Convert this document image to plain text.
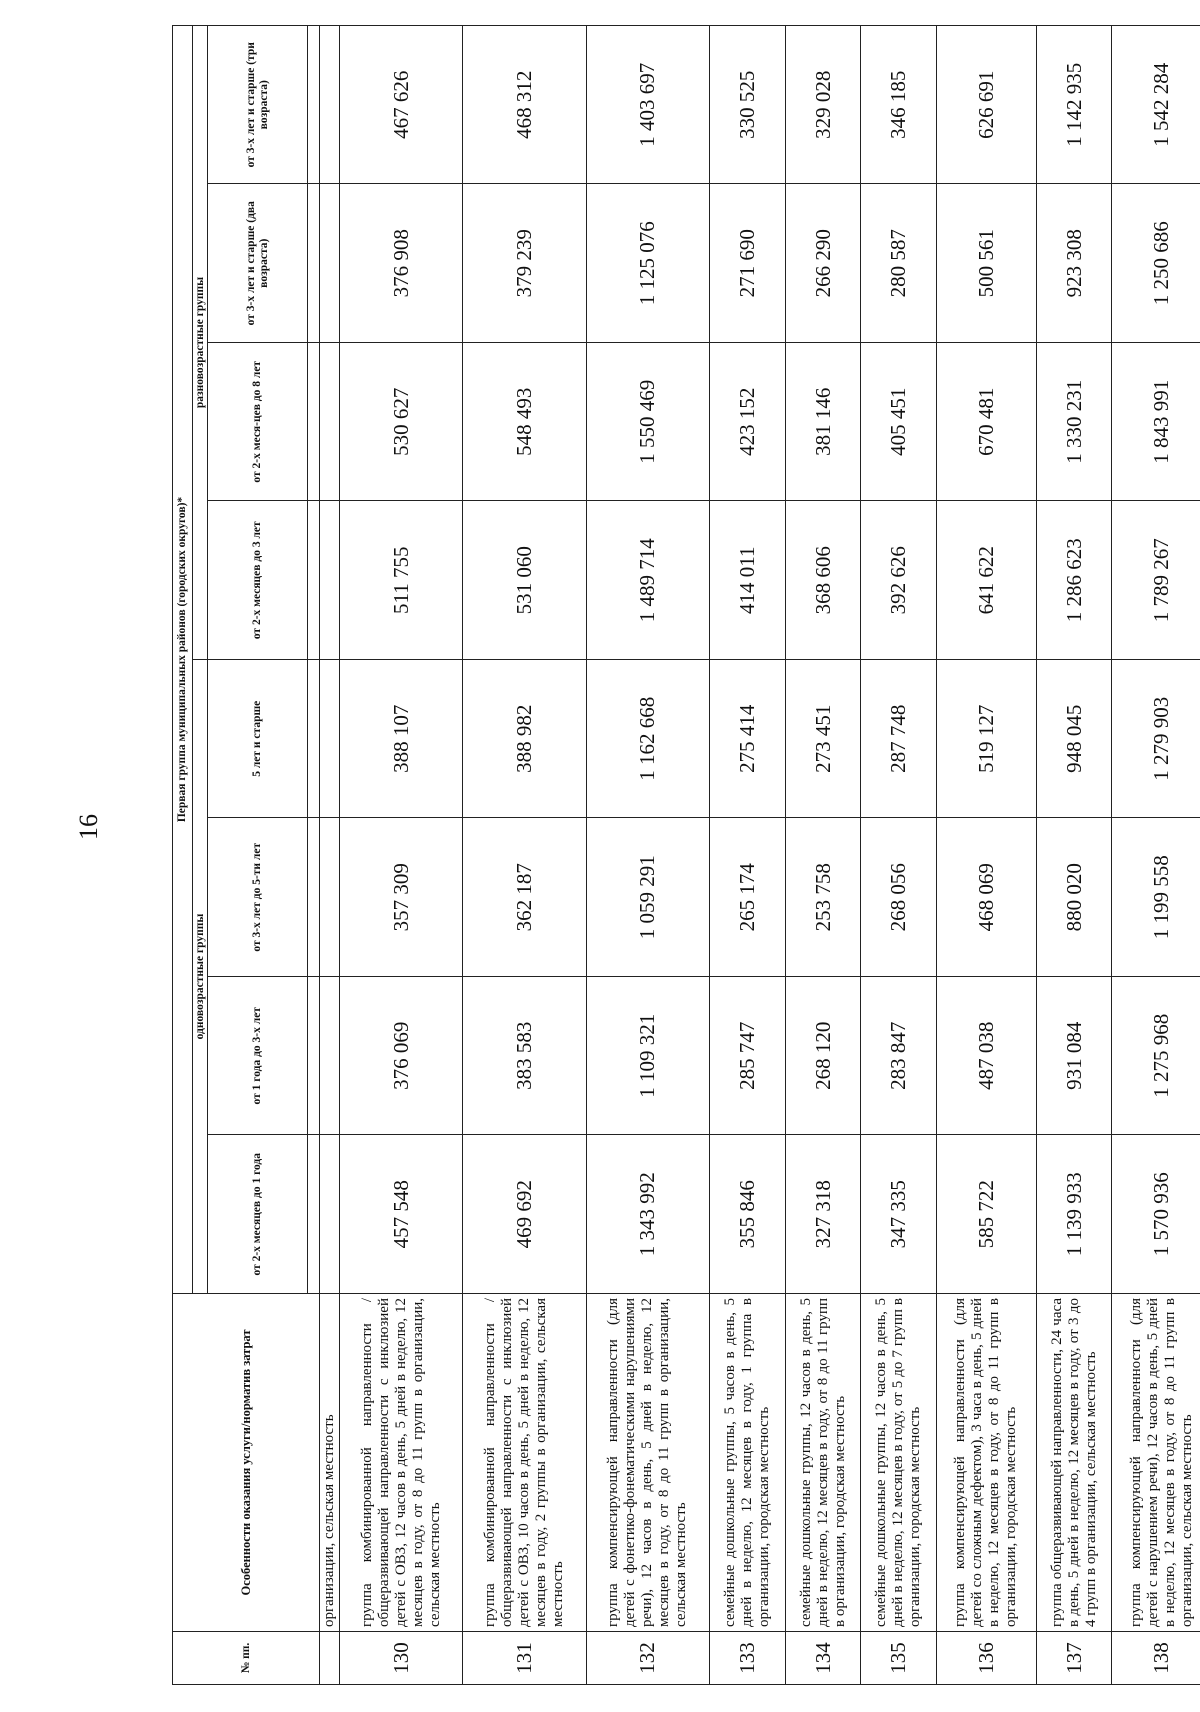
16
№ пп.	Особенности оказания услуги/норматив затрат	Первая группа муниципальных районов (городских округов)*							
		одновозрастные группы				разновозрастные группы			
		от 2-х месяцев до 1 года	от 1 года до 3-х лет	от 3-х лет до 5-ти лет	5 лет и старше	от 2-х месяцев до 3 лет	от 2-х меся-цев до 8 лет	от 3-х лет и старше (два возраста)	от 3-х лет и старше (три возраста)

	организации, сельская местность								
130	группа комбинированной направленности / общеразвивающей направленности с инклюзией детей с ОВЗ, 12 часов в день, 5 дней в неделю, 12 месяцев в году, от 8 до 11 групп в организации, сельская местность	457 548	376 069	357 309	388 107	511 755	530 627	376 908	467 626
131	группа комбинированной направленности / общеразвивающей направленности с инклюзией детей с ОВЗ, 10 часов в день, 5 дней в неделю, 12 месяцев в году, 2 группы в организации, сельская местность	469 692	383 583	362 187	388 982	531 060	548 493	379 239	468 312
132	группа компенсирующей направленности (для детей с фонетико-фонематическими нарушениями речи), 12 часов в день, 5 дней в неделю, 12 месяцев в году, от 8 до 11 групп в организации, сельская местность	1 343 992	1 109 321	1 059 291	1 162 668	1 489 714	1 550 469	1 125 076	1 403 697
133	семейные дошкольные группы, 5 часов в день, 5 дней в неделю, 12 месяцев в году, 1 группа в организации, городская местность	355 846	285 747	265 174	275 414	414 011	423 152	271 690	330 525
134	семейные дошкольные группы, 12 часов в день, 5 дней в неделю, 12 месяцев в году, от 8 до 11 групп в организации, городская местность	327 318	268 120	253 758	273 451	368 606	381 146	266 290	329 028
135	семейные дошкольные группы, 12 часов в день, 5 дней в неделю, 12 месяцев в году, от 5 до 7 групп в организации, городская местность	347 335	283 847	268 056	287 748	392 626	405 451	280 587	346 185
136	группа компенсирующей направленности (для детей со сложным дефектом), 3 часа в день, 5 дней в неделю, 12 месяцев в году, от 8 до 11 групп в организации, городская местность	585 722	487 038	468 069	519 127	641 622	670 481	500 561	626 691
137	группа общеразвивающей направленности, 24 часа в день, 5 дней в неделю, 12 месяцев в году, от 3 до 4 групп в организации, сельская местность	1 139 933	931 084	880 020	948 045	1 286 623	1 330 231	923 308	1 142 935
138	группа компенсирующей направленности (для детей с нарушением речи), 12 часов в день, 5 дней в неделю, 12 месяцев в году, от 8 до 11 групп в организации, сельская местность	1 570 936	1 275 968	1 199 558	1 279 903	1 789 267	1 843 991	1 250 686	1 542 284
